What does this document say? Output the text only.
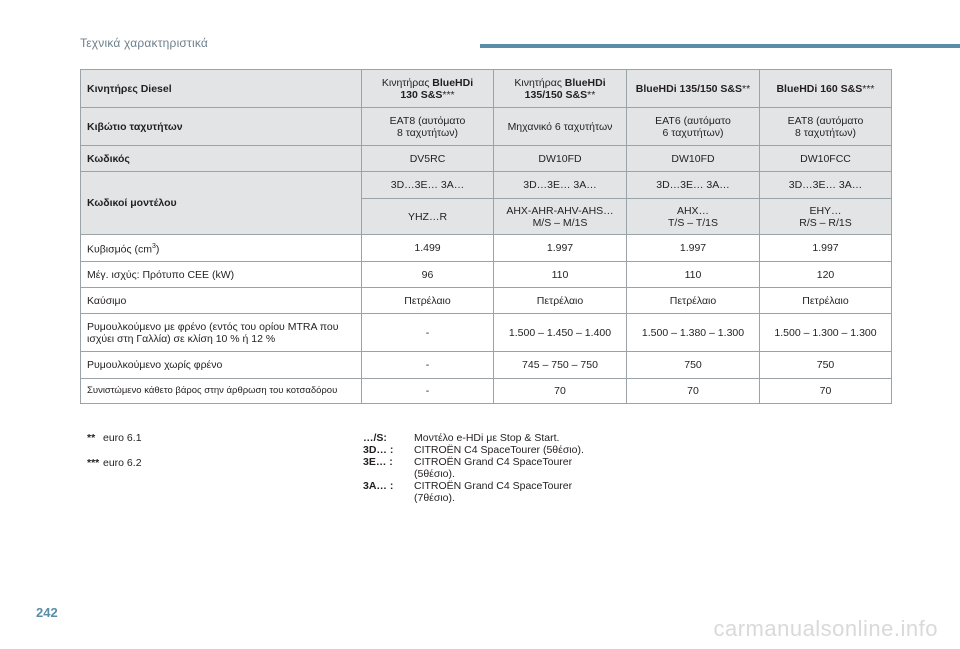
Τεχνικά χαρακτηριστικά
Κινητήρες Diesel	Κινητήρας BlueHDi
130 S&S***	Κινητήρας BlueHDi
135/150 S&S**	BlueHDi 135/150 S&S**	BlueHDi 160 S&S***
Κιβώτιο ταχυτήτων	EAT8 (αυτόματο
8 ταχυτήτων)	Μηχανικό 6 ταχυτήτων	EAT6 (αυτόματο
6 ταχυτήτων)	EAT8 (αυτόματο
8 ταχυτήτων)
Κωδικός	DV5RC	DW10FD	DW10FD	DW10FCC
Κωδικοί μοντέλου	3D…3E… 3A…	3D…3E… 3A…	3D…3E… 3A…	3D…3E… 3A…
	YHZ…R	AHX-AHR-AHV-AHS…
M/S – M/1S	AHX…
T/S – T/1S	EHY…
R/S – R/1S
Κυβισμός $(cm^3)$	1.499	1.997	1.997	1.997
Μέγ. ισχύς: Πρότυπο CEE (kW)	96	110	110	120
Καύσιμο	Πετρέλαιο	Πετρέλαιο	Πετρέλαιο	Πετρέλαιο
Ρυμουλκούμενο με φρένο (εντός του ορίου MTRA που
ισχύει στη Γαλλία) σε κλίση 10 % ή 12 %	-	1.500 – 1.450 – 1.400	1.500 – 1.380 – 1.300	1.500 – 1.300 – 1.300
Ρυμουλκούμενο χωρίς φρένο	-	745 – 750 – 750	750	750
Συνιστώμενο κάθετο βάρος στην άρθρωση του κοτσαδόρου	-	70	70	70
** euro 6.1
*** euro 6.2
…/S:	Μοντέλο e-HDi με Stop & Start.
3D… :	CITROËN C4 SpaceTourer (5θέσιο).
3E… :	CITROËN Grand C4 SpaceTourer
(5θέσιο).
3A… :	CITROËN Grand C4 SpaceTourer
(7θέσιο).
242
carmanualsonline.info
